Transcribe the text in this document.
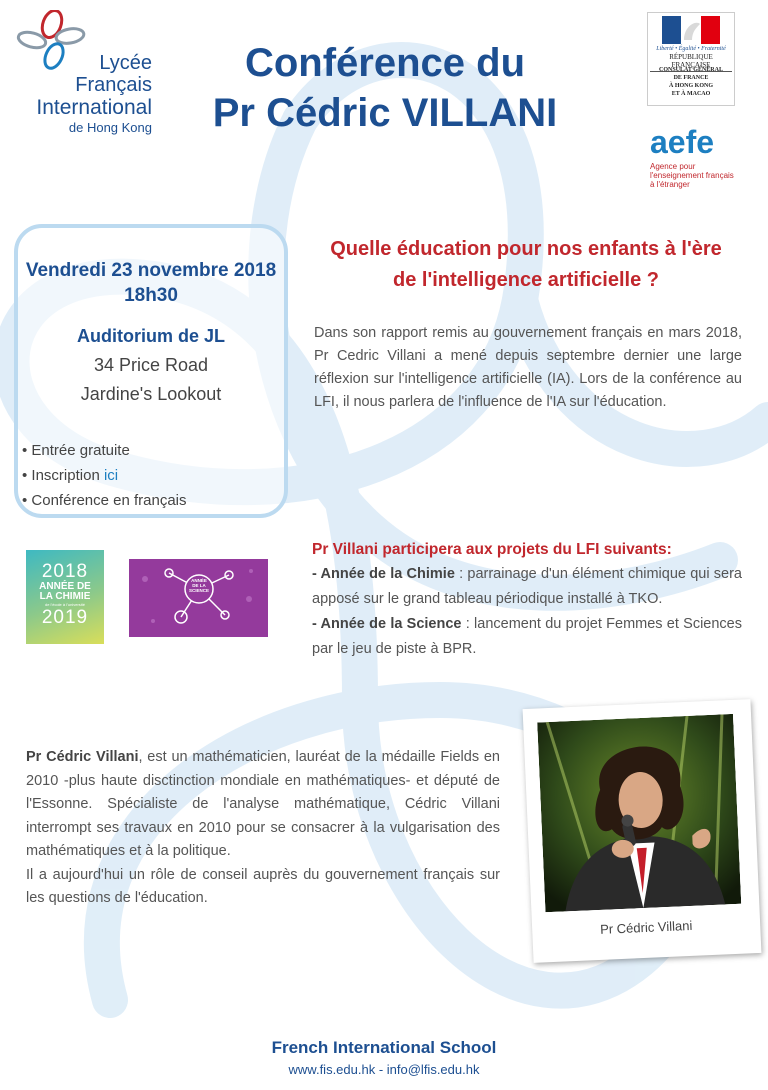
Lycée
Français
International
de Hong Kong
Conférence du
Pr Cédric VILLANI
Liberté • Égalité • Fraternité
RÉPUBLIQUE FRANÇAISE
CONSULAT GÉNÉRAL
DE FRANCE
À HONG KONG
ET À MACAO
aefe
Agence pour
l'enseignement français
à l'étranger
Vendredi 23 novembre 2018
18h30
Auditorium de JL
34 Price Road
Jardine's Lookout
• Entrée gratuite
• Inscription ici
• Conférence en français
Quelle éducation pour nos enfants à l'ère
de l'intelligence artificielle ?
Dans son rapport remis au gouvernement français en mars 2018, Pr Cedric Villani a mené depuis septembre dernier une large réflexion sur l'intelligence artificielle (IA). Lors de la conférence au LFI, il nous parlera de l'influence de l'IA sur l'éducation.
2018
ANNÉE DE
LA CHIMIE
de l'école à l'université
2019
ANNÉE
DE LA
SCIENCE
Pr Villani participera aux projets du LFI suivants:
- Année de la Chimie : parrainage d'un élément chimique qui sera apposé sur le grand tableau périodique installé à TKO.
- Année de la Science : lancement du projet Femmes et Sciences par le jeu de piste à BPR.
Pr Cédric Villani, est un mathématicien, lauréat de la médaille Fields en 2010 -plus haute disctinction mondiale en mathématiques- et député de l'Essonne. Spécialiste de l'analyse mathématique, Cédric Villani interrompt ses travaux en 2010 pour se consacrer à la vulgarisation des mathématiques et à la politique.
Il a aujourd'hui un rôle de conseil auprès du gouvernement français sur les questions de l'éducation.
Pr Cédric Villani
French International School
www.fis.edu.hk - info@lfis.edu.hk
